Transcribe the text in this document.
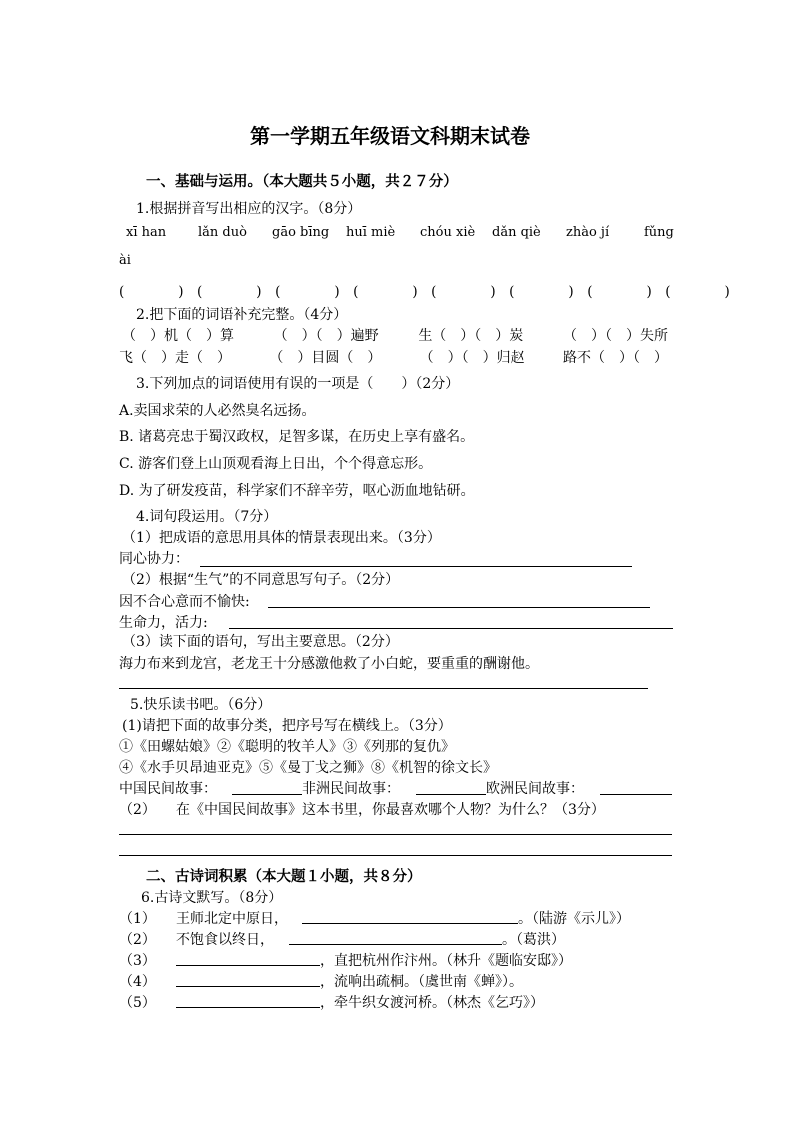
第一学期五年级语文科期末试卷
一、基础与运用。（本大题共５小题，共２７分）
1.根据拼音写出相应的汉字。（8分）
xī han lǎn duò gāo bīng huī miè chóu xiè dǎn qiè zhào jí	fǔng
ài
(　　　　)　(　　　　)　(　　　　)　(　　　　)　(　　　　)　(　　　　)　(　　　　)　(　　　　)
2.把下面的词语补充完整。（4分）
（　）机（　）算	（　）（　）遍野	生（　）（　）炭	（　）（　）失所
飞（　）走（　）	（　）目圆（　）	（　）（　）归赵	路不（　）（　）
3.下列加点的词语使用有误的一项是（　　）（2分）
A.卖国求荣的人必然臭名远扬。
B. 诸葛亮忠于蜀汉政权，足智多谋，在历史上享有盛名。
C. 游客们登上山顶观看海上日出，个个得意忘形。
D. 为了研发疫苗，科学家们不辞辛劳，呕心沥血地钻研。
4.词句段运用。（7分）
（1）把成语的意思用具体的情景表现出来。（3分）
同心协力：
（2）根据“生气”的不同意思写句子。（2分）
因不合心意而不愉快:
生命力，活力:
（3）读下面的语句，写出主要意思。（2分）
海力布来到龙宫，老龙王十分感激他救了小白蛇，要重重的酬谢他。
5.快乐读书吧。（6分）
(1)请把下面的故事分类，把序号写在横线上。（3分）
①《田螺姑娘》②《聪明的牧羊人》③《列那的复仇》
④《水手贝昂迪亚克》⑤《曼丁戈之狮》⑧《机智的徐文长》
中国民间故事：	非洲民间故事：	欧洲民间故事：
（2） 在《中国民间故事》这本书里，你最喜欢哪个人物？为什么？（3分）
二、古诗词积累（本大题１小题，共８分）
6.古诗文默写。（8分）
（1） 王师北定中原日，	。（陆游《示儿》）
（2） 不饱食以终日，	。（葛洪）
（3）	，直把杭州作汴州。（林升《题临安邸》）
（4）	，流响出疏桐。（虞世南《蝉》）。
（5）	，牵牛织女渡河桥。（林杰《乞巧》）
